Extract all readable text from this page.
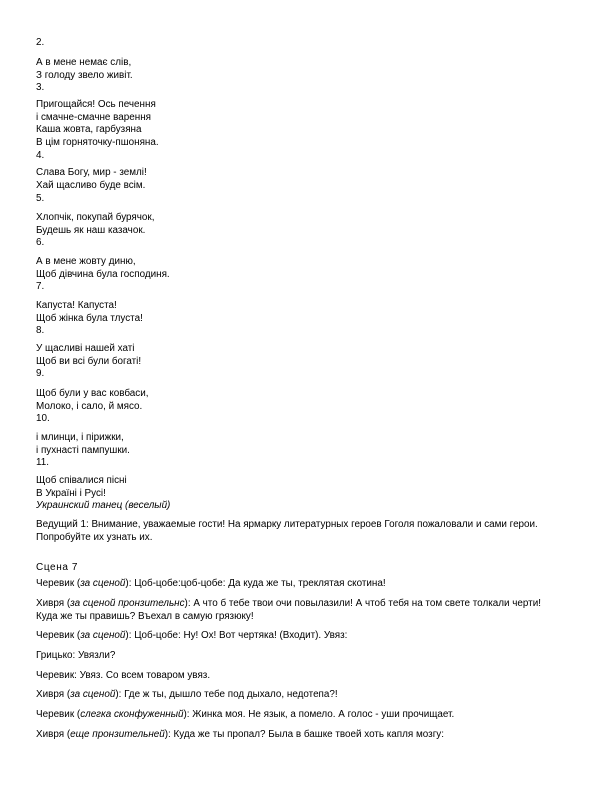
2.
А в мене немає слів,
З голоду звело живіт.
3.
Пригощайся! Ось печення
і смачне-смачне варення
Каша жовта, гарбузяна
В цім горняточку-пшоняна.
4.
Слава Богу, мир - землі!
Хай щасливо буде всім.
5.
Хлопчік, покупай бурячок,
Будешь як наш казачок.
6.
А в мене жовту диню,
Щоб дівчина була господиня.
7.
Капуста! Капуста!
Щоб жінка була тлуста!
8.
У щасливі нашей хаті
Щоб ви всі були богаті!
9.
Щоб були у вас ковбаси,
Молоко, і сало, й мясо.
10.
і млинци, і пірижки,
і пухнасті пампушки.
11.
Щоб співалися пісні
В Україні і Русі!
Украинский танец (веселый)
Ведущий 1: Внимание, уважаемые гости! На ярмарку литературных героев Гоголя пожаловали и сами герои.
Попробуйте их узнать их.
Сцена 7
Черевик (за сценой): Цоб-цобе:цоб-цобе: Да куда же ты, треклятая скотина!
Хивря (за сценой пронзительнс): А что б тебе твои очи повылазили! А чтоб тебя на том свете толкали черти!
Куда же ты правишь? Въехал в самую грязюку!
Черевик (за сценой): Цоб-цобе: Ну! Ох! Вот чертяка! (Входит). Увяз:
Грицько: Увязли?
Черевик: Увяз. Со всем товаром увяз.
Хивря (за сценой): Где ж ты, дышло тебе под дыхало, недотепа?!
Черевик (слегка сконфуженный): Жинка моя. Не язык, а помело. А голос - уши прочищает.
Хивря (еще пронзительней): Куда же ты пропал? Была в башке твоей хоть капля мозгу:
